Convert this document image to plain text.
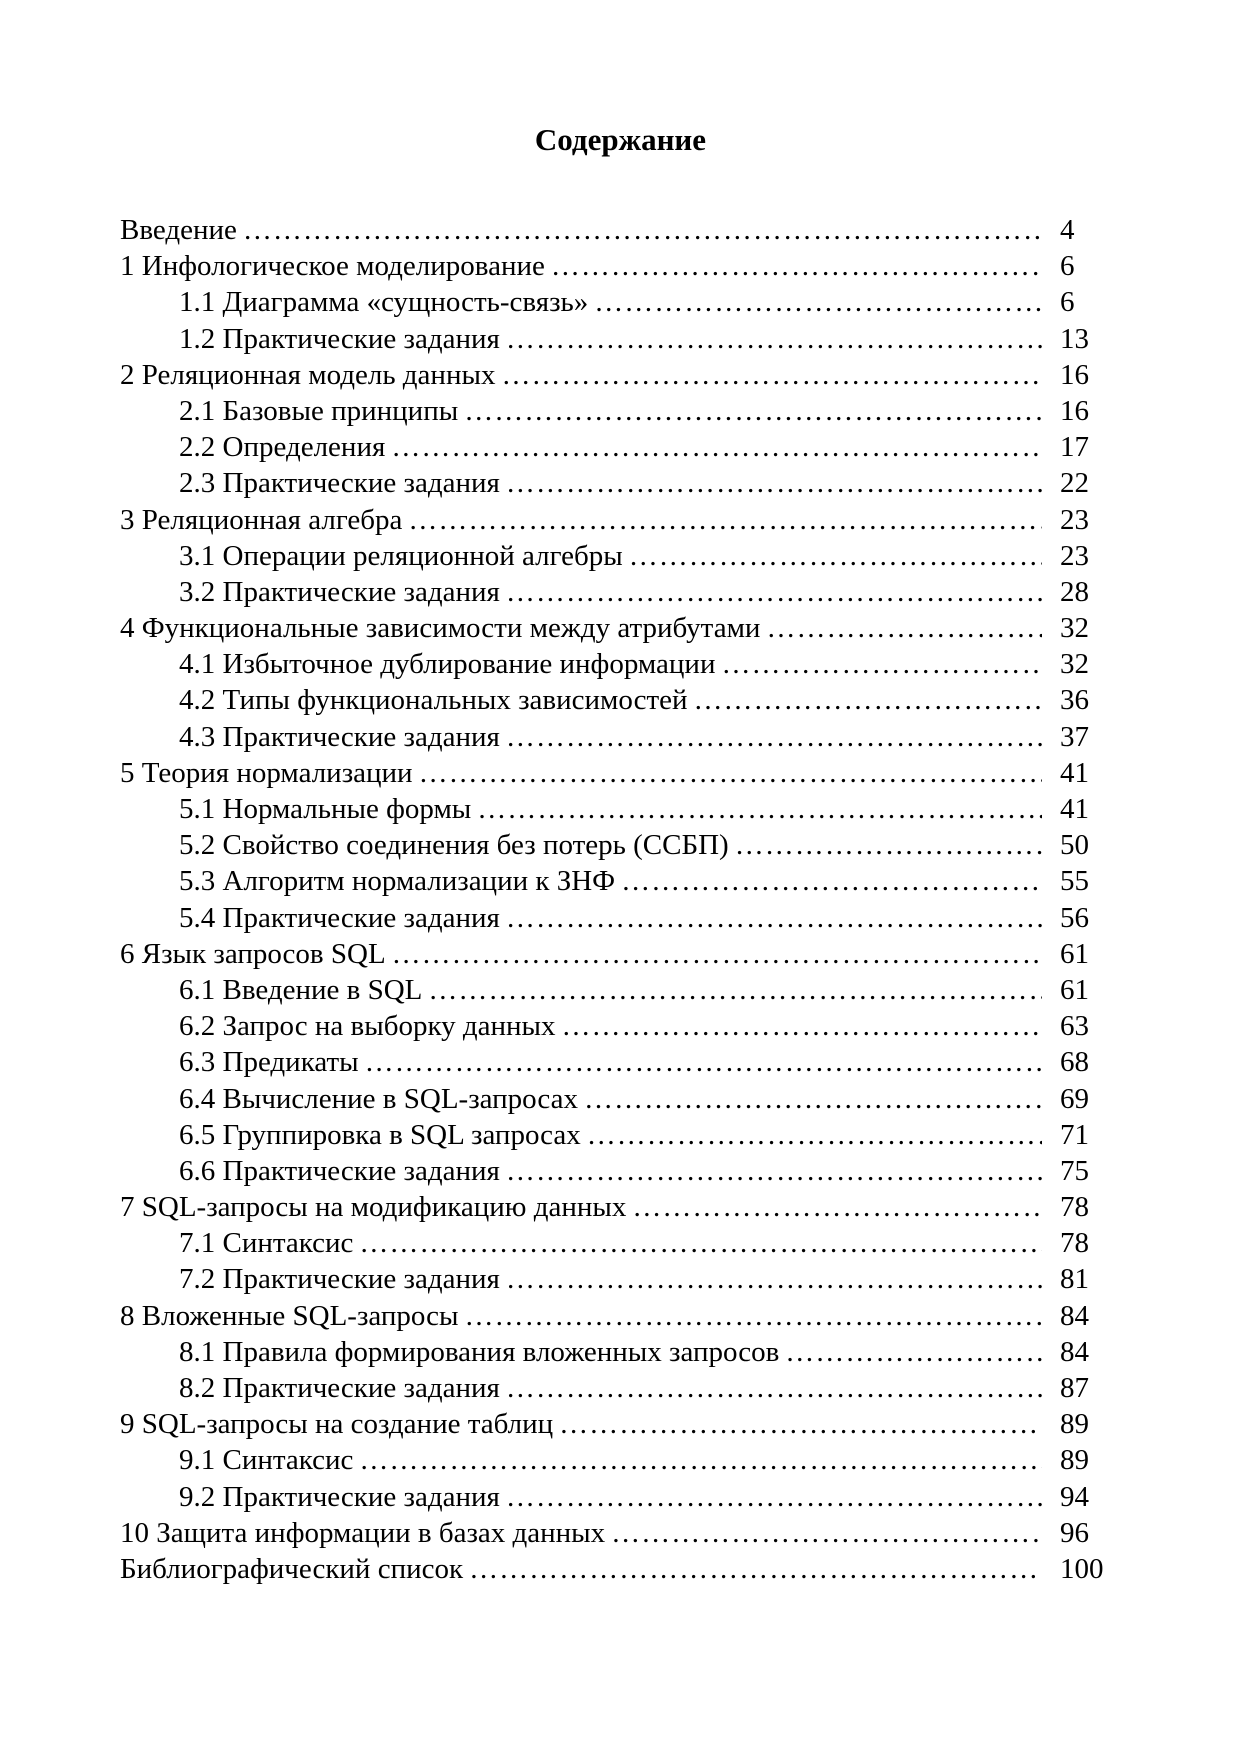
Содержание
Введение …………………………………………………………………………………………………………………………………………………………………………	4
1 Инфологическое моделирование …………………………………………………………………………………………………………………………………………………………………………	6
1.1 Диаграмма «сущность-связь» …………………………………………………………………………………………………………………………………………………………………………	6
1.2 Практические задания …………………………………………………………………………………………………………………………………………………………………………	13
2 Реляционная модель данных …………………………………………………………………………………………………………………………………………………………………………	16
2.1 Базовые принципы …………………………………………………………………………………………………………………………………………………………………………	16
2.2 Определения …………………………………………………………………………………………………………………………………………………………………………	17
2.3 Практические задания …………………………………………………………………………………………………………………………………………………………………………	22
3 Реляционная алгебра …………………………………………………………………………………………………………………………………………………………………………	23
3.1 Операции реляционной алгебры …………………………………………………………………………………………………………………………………………………………………………	23
3.2 Практические задания …………………………………………………………………………………………………………………………………………………………………………	28
4 Функциональные зависимости между атрибутами …………………………………………………………………………………………………………………………………………………………………………	32
4.1 Избыточное дублирование информации …………………………………………………………………………………………………………………………………………………………………………	32
4.2 Типы функциональных зависимостей …………………………………………………………………………………………………………………………………………………………………………	36
4.3 Практические задания …………………………………………………………………………………………………………………………………………………………………………	37
5 Теория нормализации …………………………………………………………………………………………………………………………………………………………………………	41
5.1 Нормальные формы …………………………………………………………………………………………………………………………………………………………………………	41
5.2 Свойство соединения без потерь (ССБП) …………………………………………………………………………………………………………………………………………………………………………	50
5.3 Алгоритм нормализации к ЗНФ …………………………………………………………………………………………………………………………………………………………………………	55
5.4 Практические задания …………………………………………………………………………………………………………………………………………………………………………	56
6 Язык запросов SQL …………………………………………………………………………………………………………………………………………………………………………	61
6.1 Введение в SQL …………………………………………………………………………………………………………………………………………………………………………	61
6.2 Запрос на выборку данных …………………………………………………………………………………………………………………………………………………………………………	63
6.3 Предикаты …………………………………………………………………………………………………………………………………………………………………………	68
6.4 Вычисление в SQL-запросах …………………………………………………………………………………………………………………………………………………………………………	69
6.5 Группировка в SQL запросах …………………………………………………………………………………………………………………………………………………………………………	71
6.6 Практические задания …………………………………………………………………………………………………………………………………………………………………………	75
7 SQL-запросы на модификацию данных …………………………………………………………………………………………………………………………………………………………………………	78
7.1 Синтаксис …………………………………………………………………………………………………………………………………………………………………………	78
7.2 Практические задания …………………………………………………………………………………………………………………………………………………………………………	81
8 Вложенные SQL-запросы …………………………………………………………………………………………………………………………………………………………………………	84
8.1 Правила формирования вложенных запросов …………………………………………………………………………………………………………………………………………………………………………	84
8.2 Практические задания …………………………………………………………………………………………………………………………………………………………………………	87
9 SQL-запросы на создание таблиц …………………………………………………………………………………………………………………………………………………………………………	89
9.1 Синтаксис …………………………………………………………………………………………………………………………………………………………………………	89
9.2 Практические задания …………………………………………………………………………………………………………………………………………………………………………	94
10 Защита информации в базах данных …………………………………………………………………………………………………………………………………………………………………………	96
Библиографический список …………………………………………………………………………………………………………………………………………………………………………	100
